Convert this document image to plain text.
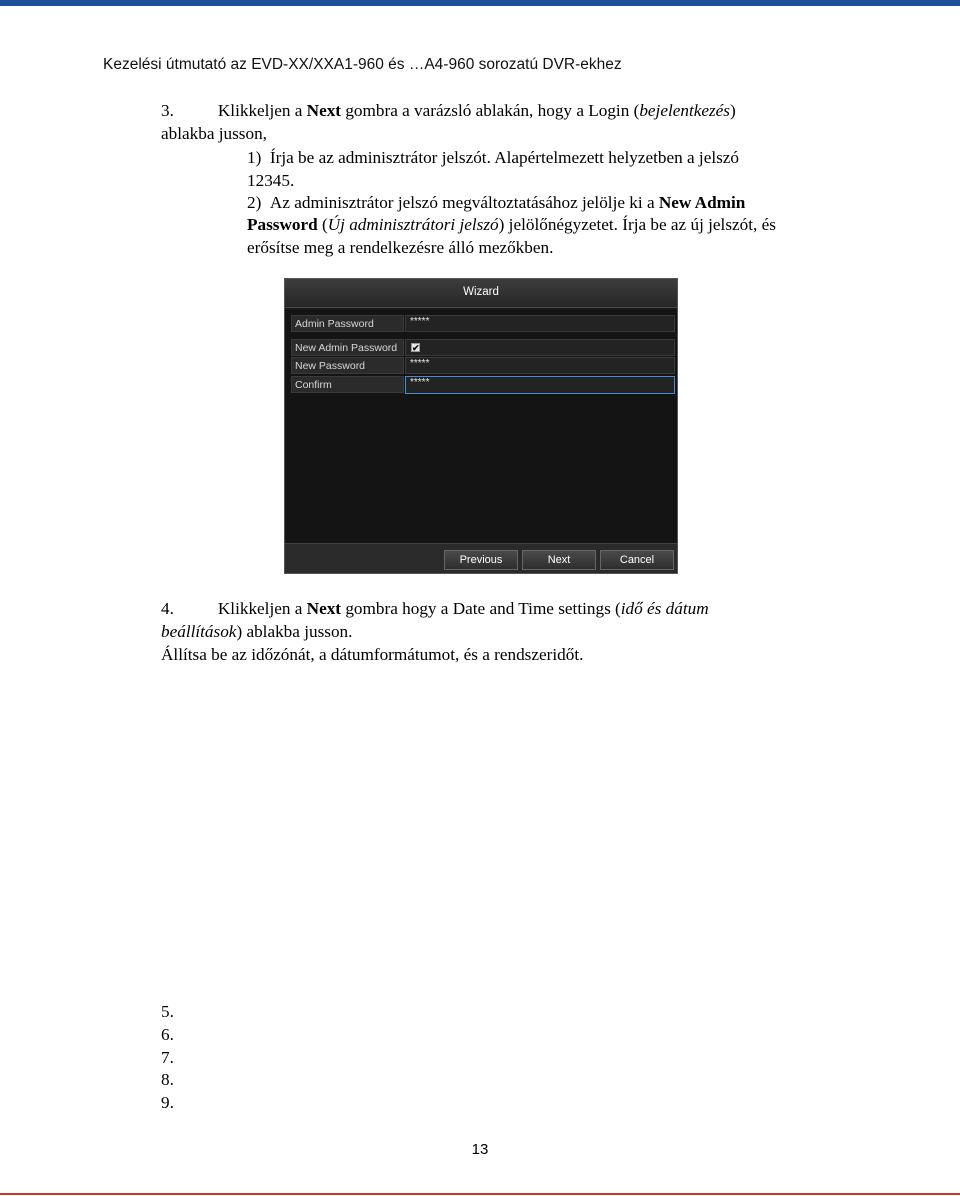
Kezelési útmutató az EVD-XX/XXA1-960 és …A4-960 sorozatú DVR-ekhez
3.	Klikkeljen a Next gombra a varázsló ablakán, hogy a Login (bejelentkezés)
ablakba jusson,
1)  Írja be az adminisztrátor jelszót. Alapértelmezett helyzetben a jelszó
12345.
2)  Az adminisztrátor jelszó megváltoztatásához jelölje ki a New Admin
Password (Új adminisztrátori jelszó) jelölőnégyzetet. Írja be az új jelszót, és
erősítse meg a rendelkezésre álló mezőkben.
Wizard
Admin Password	*****
New Admin Password	✔
New Password	*****
Confirm	*****
Previous	Next	Cancel
4.	Klikkeljen a Next gombra hogy a Date and Time settings (idő és dátum
beállítások) ablakba jusson.
Állítsa be az időzónát, a dátumformátumot, és a rendszeridőt.
5.
6.
7.
8.
9.
13
